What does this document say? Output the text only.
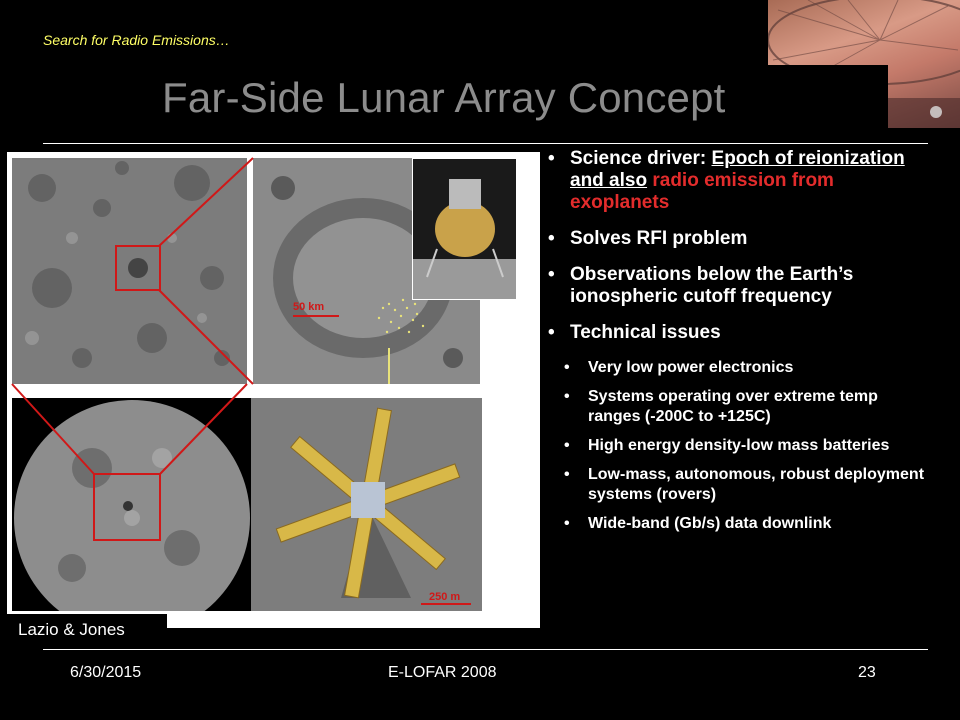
Search for Radio Emissions…
Far-Side Lunar Array Concept
50 km
250 m
Lazio & Jones
• Science driver: Epoch of reionization and also radio emission from exoplanets
• Solves RFI problem
• Observations below the Earth’s ionospheric cutoff frequency
• Technical issues
• Very low power electronics
• Systems operating over extreme temp ranges (-200C to +125C)
• High energy density-low mass batteries
• Low-mass, autonomous, robust deployment systems (rovers)
• Wide-band (Gb/s) data downlink
6/30/2015	E-LOFAR 2008	23
